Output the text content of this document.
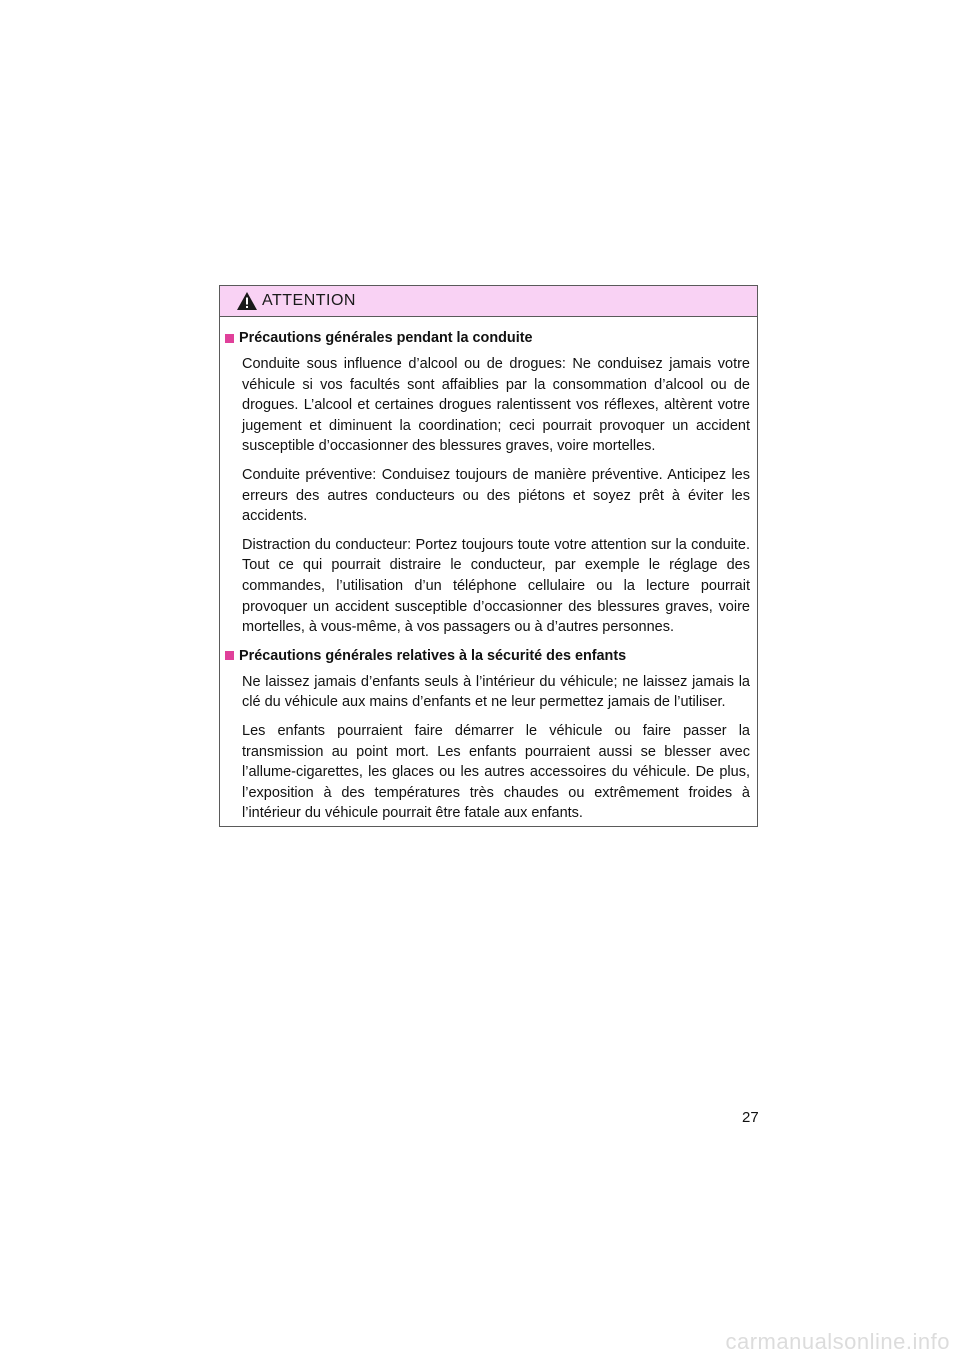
ATTENTION
Précautions générales pendant la conduite

Conduite sous influence d’alcool ou de drogues: Ne conduisez jamais votre véhicule si vos facultés sont affaiblies par la consommation d’alcool ou de drogues. L’alcool et certaines drogues ralentissent vos réflexes, altèrent votre jugement et diminuent la coordination; ceci pourrait provoquer un accident susceptible d’occasionner des blessures graves, voire mortelles.

Conduite préventive: Conduisez toujours de manière préventive. Anticipez les erreurs des autres conducteurs ou des piétons et soyez prêt à éviter les accidents.

Distraction du conducteur: Portez toujours toute votre attention sur la conduite. Tout ce qui pourrait distraire le conducteur, par exemple le réglage des commandes, l’utilisation d’un téléphone cellulaire ou la lecture pourrait provoquer un accident susceptible d’occasionner des blessures graves, voire mortelles, à vous-même, à vos passagers ou à d’autres personnes.

Précautions générales relatives à la sécurité des enfants

Ne laissez jamais d’enfants seuls à l’intérieur du véhicule; ne laissez jamais la clé du véhicule aux mains d’enfants et ne leur permettez jamais de l’utiliser.

Les enfants pourraient faire démarrer le véhicule ou faire passer la transmission au point mort. Les enfants pourraient aussi se blesser avec l’allume-cigarettes, les glaces ou les autres accessoires du véhicule. De plus, l’exposition à des températures très chaudes ou extrêmement froides à l’intérieur du véhicule pourrait être fatale aux enfants.

27
carmanualsonline.info
